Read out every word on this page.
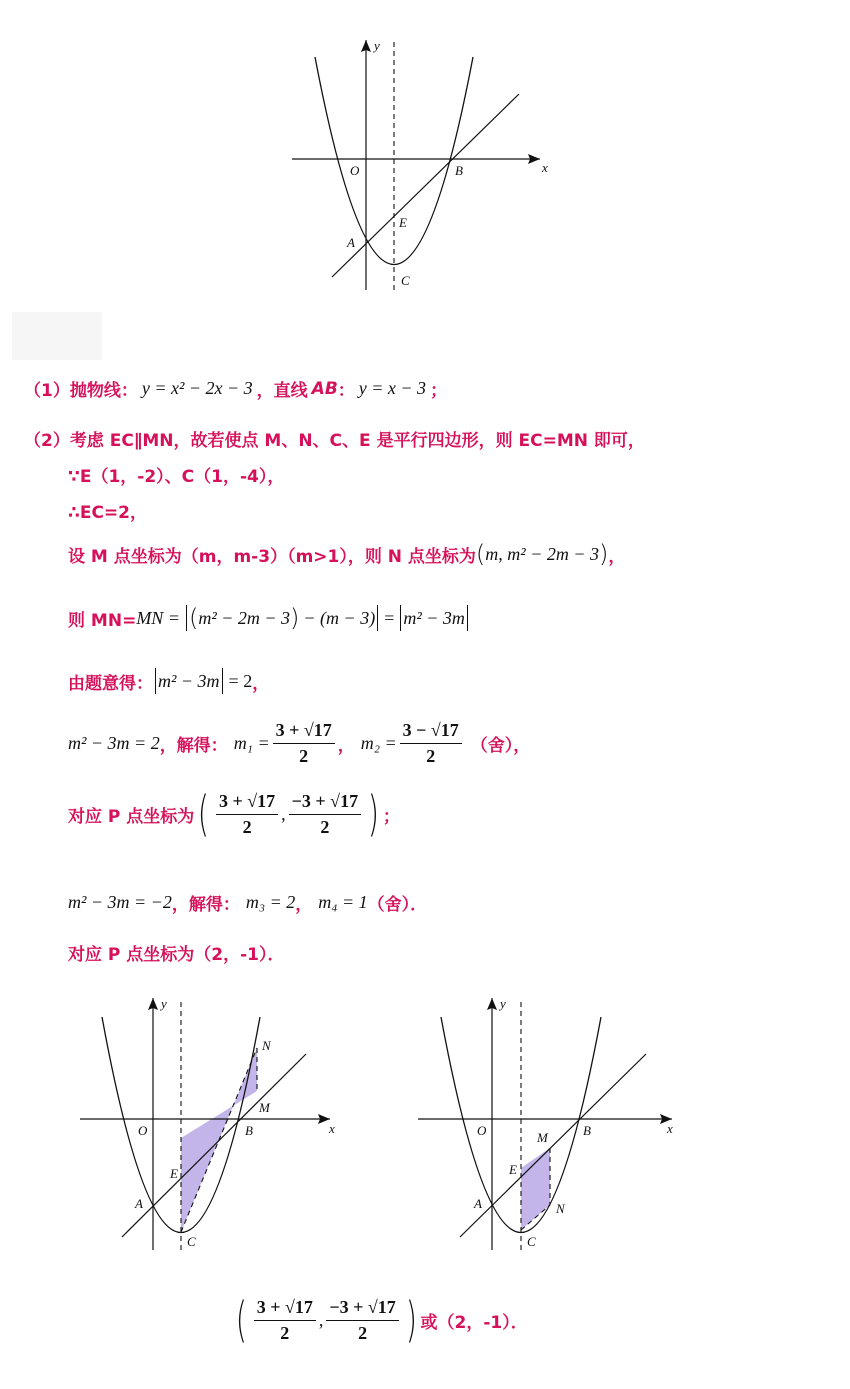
y
x
O	B
A
E
C
（1） 抛物线： y = x² − 2x − 3 ，直线 AB ： y = x − 3 ；
（2） 考虑 EC∥MN，故若使点 M、N、C、E 是平行四边形，则 EC=MN 即可，
∵E（1，-2）、C（1，-4），
∴EC=2，
设 M 点坐标为（m，m-3）（m>1），则 N 点坐标为 ( m, m² − 2m − 3 ) ，
则 MN= MN = ( m² − 2m − 3 ) − (m − 3) = m² − 3m
由题意得： m² − 3m = 2 ，
m² − 3m = 2 ，解得： $m_1 = \frac{3 + √17}{2}$ ， $m_2 = \frac{3 - √17}{2}$ （舍），
对应 P 点坐标为 ( $\frac{3 + √17}{2}$ , $\frac{-3 + √17}{2}$ ) ；
m² − 3m = −2 ，解得： m₃ = 2 ， m₄ = 1 （舍）．
对应 P 点坐标为（2，-1）．
y
x
O	B
A
E
C
M
N
y
x
O	B
A
E
C
M
N
( $\frac{3 + √17}{2}$ , $\frac{-3 + √17}{2}$ ) 或（2，-1）．
